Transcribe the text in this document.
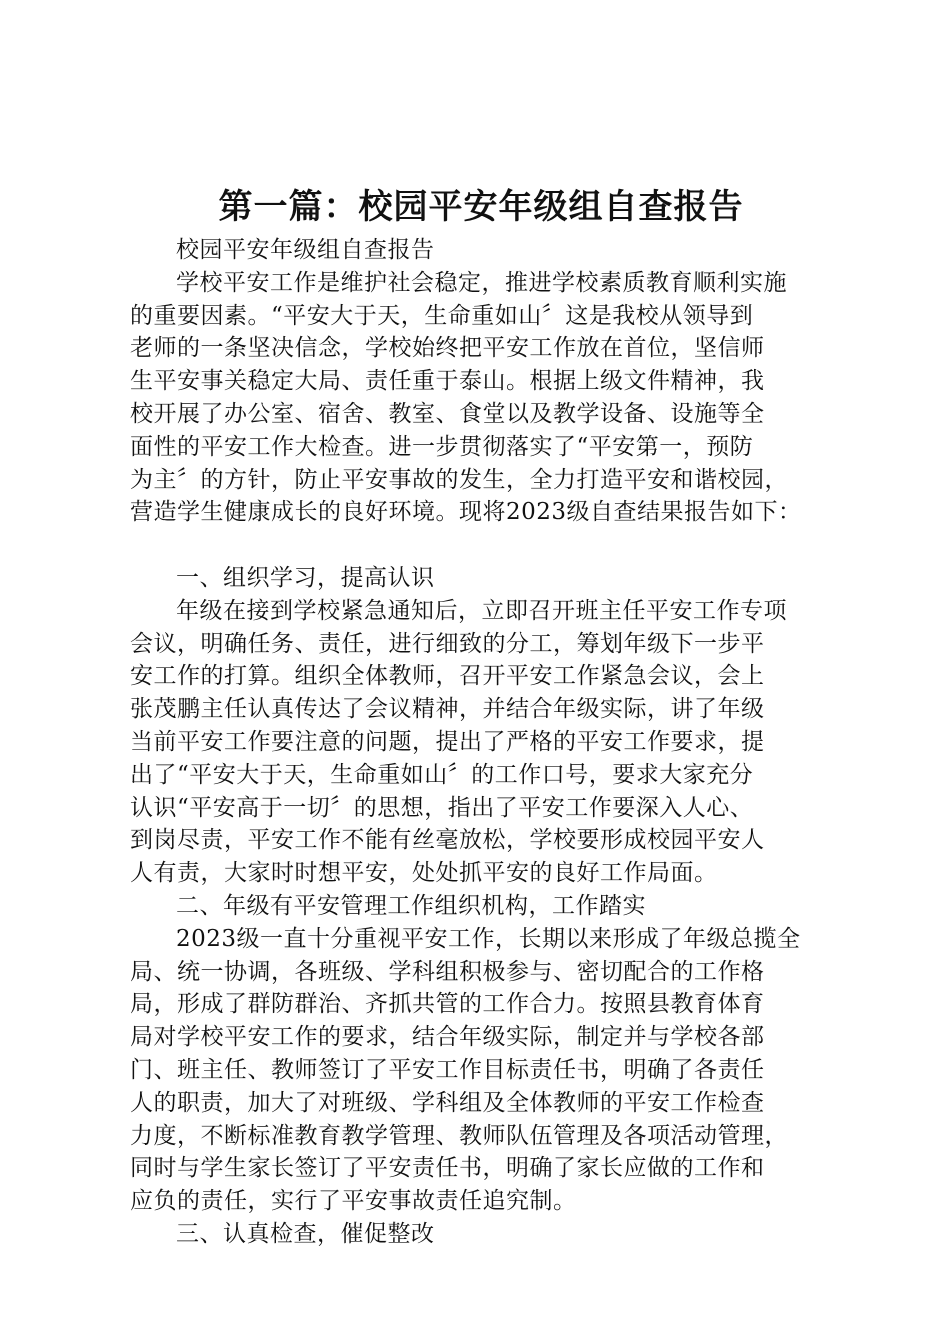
第一篇：校园平安年级组自查报告

校园平安年级组自查报告

学校平安工作是维护社会稳定，推进学校素质教育顺利实施

的重要因素。“平安大于天，生命重如山〞这是我校从领导到

老师的一条坚决信念，学校始终把平安工作放在首位，坚信师

生平安事关稳定大局、责任重于泰山。根据上级文件精神，我

校开展了办公室、宿舍、教室、食堂以及教学设备、设施等全

面性的平安工作大检查。进一步贯彻落实了“平安第一，预防

为主〞的方针，防止平安事故的发生，全力打造平安和谐校园，

营造学生健康成长的良好环境。现将2023级自查结果报告如下：

一、组织学习，提高认识

年级在接到学校紧急通知后，立即召开班主任平安工作专项

会议，明确任务、责任，进行细致的分工，筹划年级下一步平

安工作的打算。组织全体教师，召开平安工作紧急会议，会上

张茂鹏主任认真传达了会议精神，并结合年级实际，讲了年级

当前平安工作要注意的问题，提出了严格的平安工作要求，提

出了“平安大于天，生命重如山〞的工作口号，要求大家充分

认识“平安高于一切〞的思想，指出了平安工作要深入人心、

到岗尽责，平安工作不能有丝毫放松，学校要形成校园平安人

人有责，大家时时想平安，处处抓平安的良好工作局面。

二、年级有平安管理工作组织机构，工作踏实

2023级一直十分重视平安工作，长期以来形成了年级总揽全

局、统一协调，各班级、学科组积极参与、密切配合的工作格

局，形成了群防群治、齐抓共管的工作合力。按照县教育体育

局对学校平安工作的要求，结合年级实际，制定并与学校各部

门、班主任、教师签订了平安工作目标责任书，明确了各责任

人的职责，加大了对班级、学科组及全体教师的平安工作检查

力度，不断标准教育教学管理、教师队伍管理及各项活动管理，

同时与学生家长签订了平安责任书，明确了家长应做的工作和

应负的责任，实行了平安事故责任追究制。

三、认真检查，催促整改
